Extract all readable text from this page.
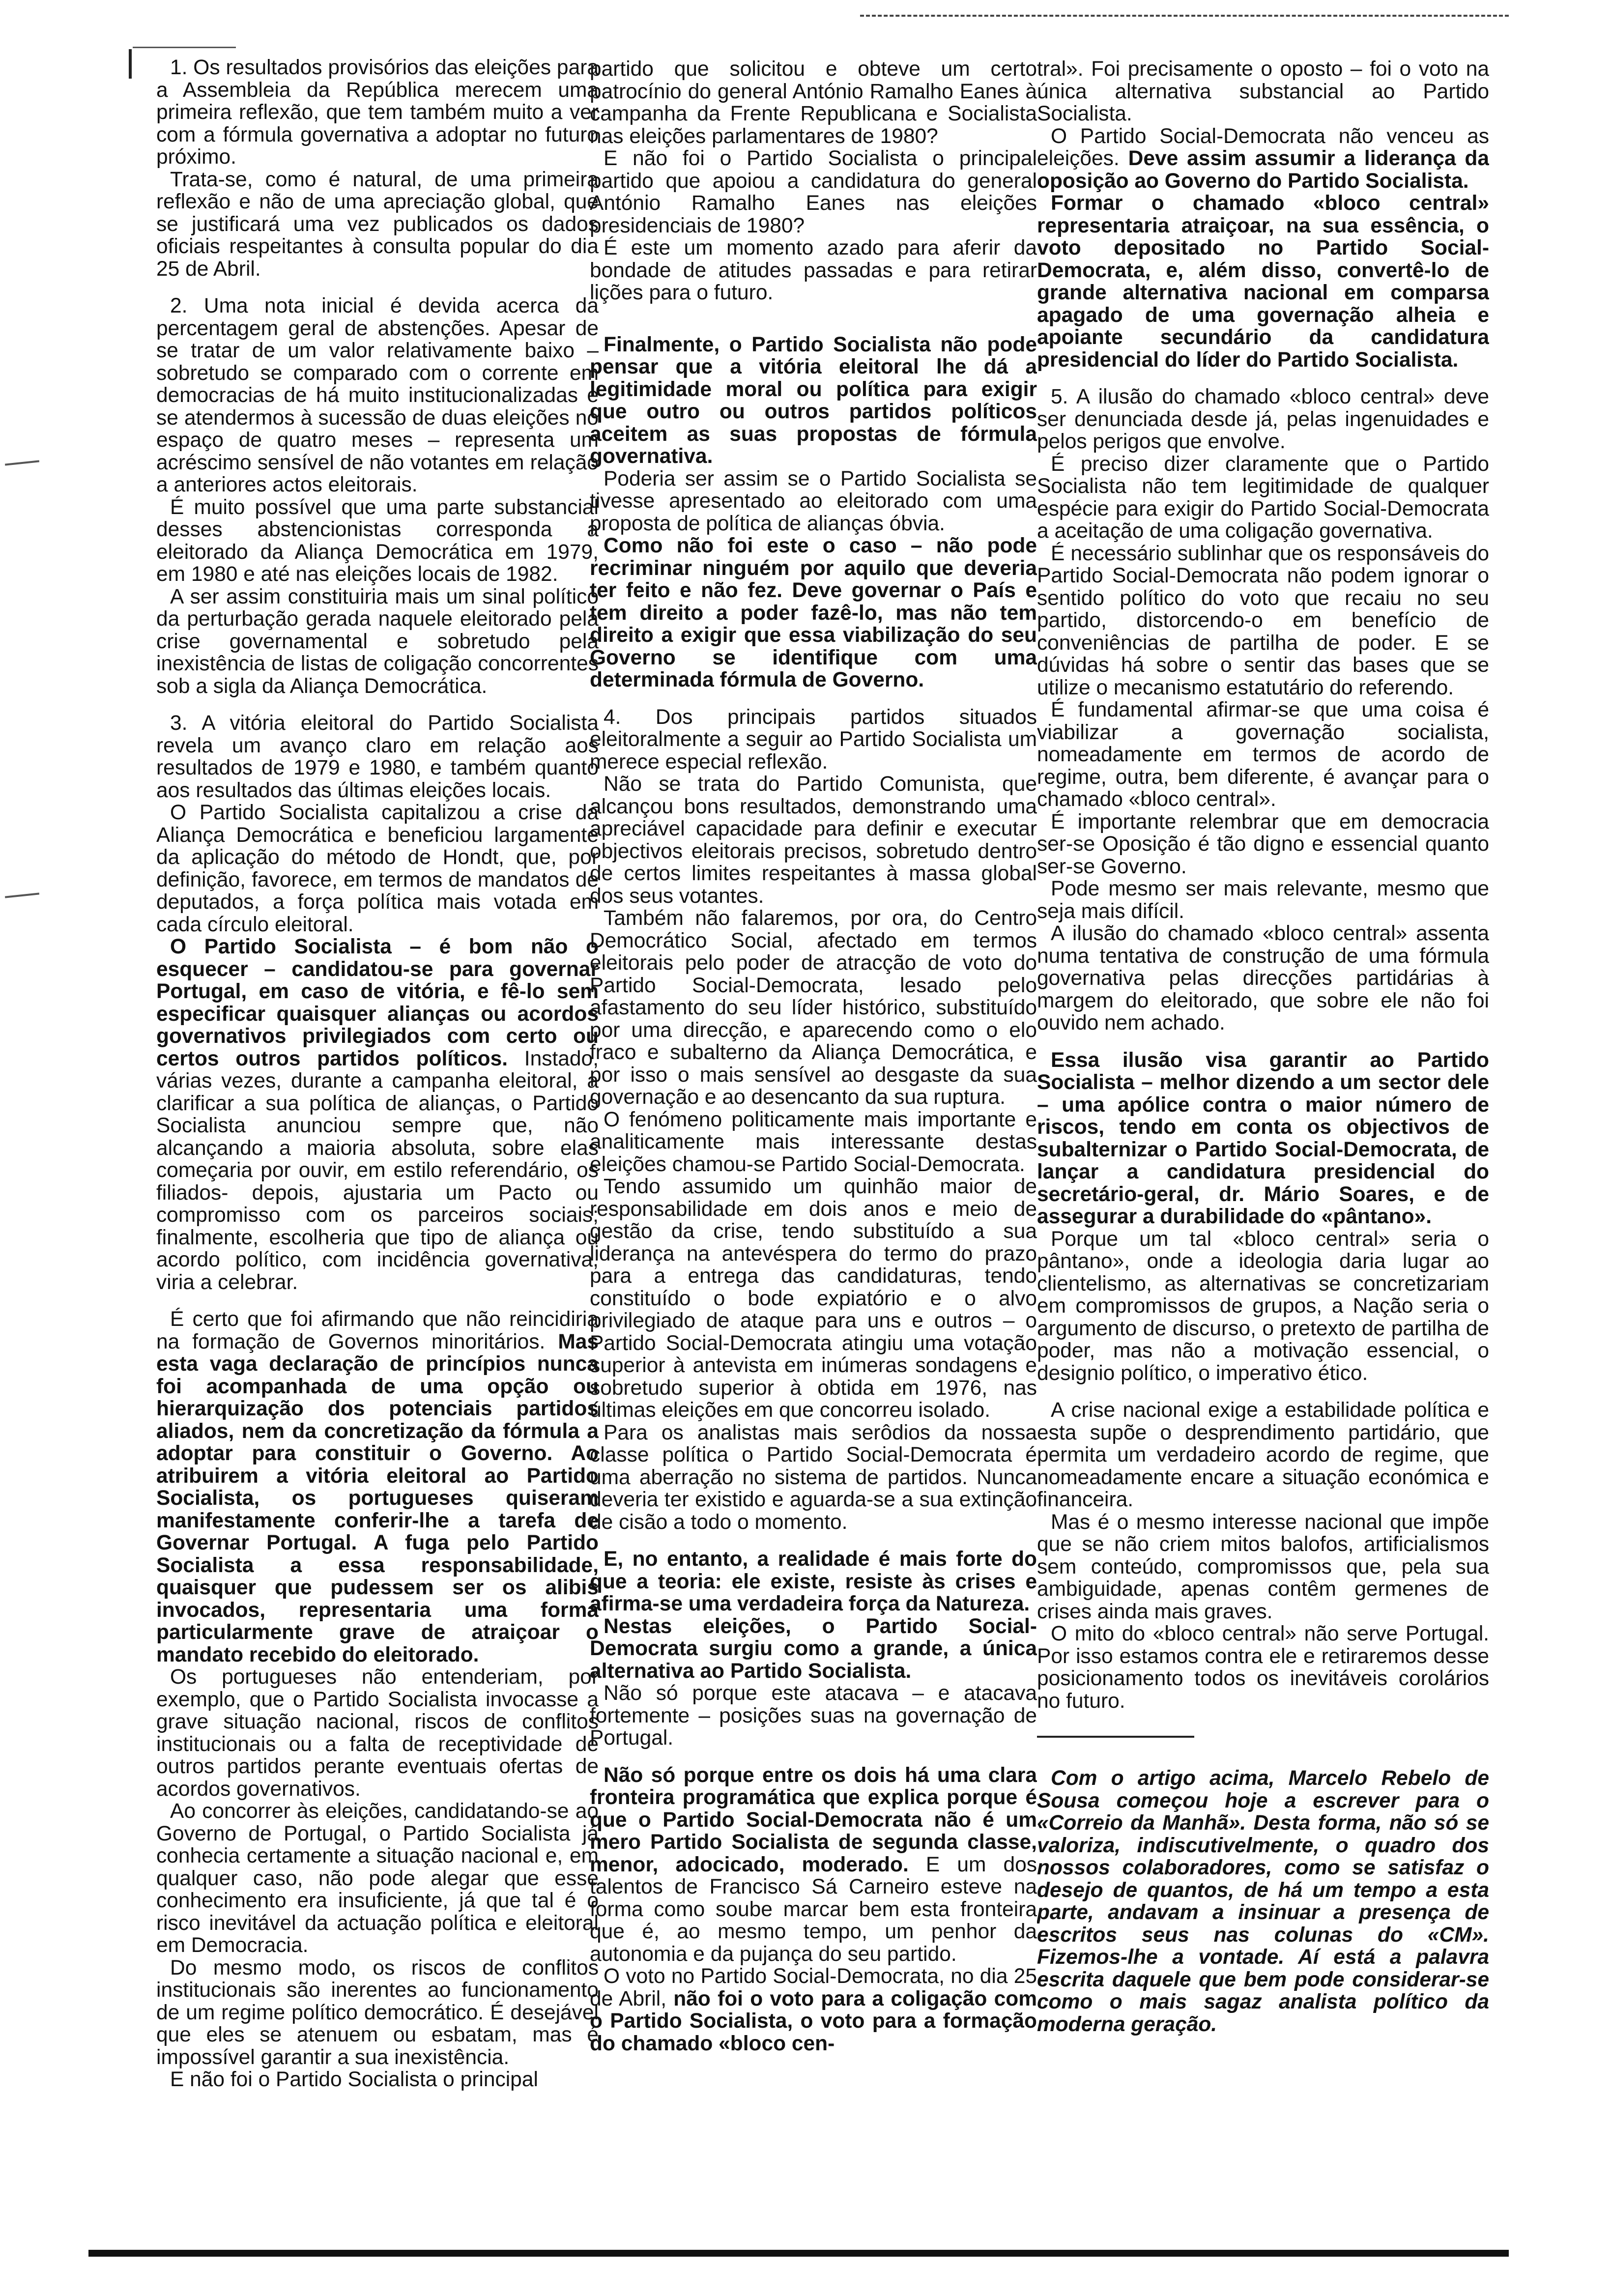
1. Os resultados provisórios das eleições para a Assembleia da República merecem uma primeira reflexão, que tem também muito a ver com a fórmula governativa a adoptar no futuro próximo.

Trata-se, como é natural, de uma primeira reflexão e não de uma apreciação global, que se justificará uma vez publicados os dados oficiais respeitantes à consulta popular do dia 25 de Abril.

2. Uma nota inicial é devida acerca da percentagem geral de abstenções. Apesar de se tratar de um valor relativamente baixo – sobretudo se comparado com o corrente em democracias de há muito institucionalizadas e se atendermos à sucessão de duas eleições no espaço de quatro meses – representa um acréscimo sensível de não votantes em relação a anteriores actos eleitorais.

É muito possível que uma parte substancial desses abstencionistas corresponda a eleitorado da Aliança Democrática em 1979, em 1980 e até nas eleições locais de 1982.

A ser assim constituiria mais um sinal político da perturbação gerada naquele eleitorado pela crise governamental e sobretudo pela inexistência de listas de coligação concorrentes sob a sigla da Aliança Democrática.

3. A vitória eleitoral do Partido Socialista revela um avanço claro em relação aos resultados de 1979 e 1980, e também quanto aos resultados das últimas eleições locais.

O Partido Socialista capitalizou a crise da Aliança Democrática e beneficiou largamente da aplicação do método de Hondt, que, por definição, favorece, em termos de mandatos de deputados, a força política mais votada em cada círculo eleitoral.

O Partido Socialista – é bom não o esquecer – candidatou-se para governar Portugal, em caso de vitória, e fê-lo sem especificar quaisquer alianças ou acordos governativos privilegiados com certo ou certos outros partidos políticos. Instado, várias vezes, durante a campanha eleitoral, a clarificar a sua política de alianças, o Partido Socialista anunciou sempre que, não alcançando a maioria absoluta, sobre elas começaria por ouvir, em estilo referendário, os filiados- depois, ajustaria um Pacto ou compromisso com os parceiros sociais; finalmente, escolheria que tipo de aliança ou acordo político, com incidência governativa, viria a celebrar.

É certo que foi afirmando que não reincidiria na formação de Governos minoritários. Mas esta vaga declaração de princípios nunca foi acompanhada de uma opção ou hierarquização dos potenciais partidos aliados, nem da concretização da fórmula a adoptar para constituir o Governo. Ao atribuirem a vitória eleitoral ao Partido Socialista, os portugueses quiseram manifestamente conferir-lhe a tarefa de Governar Portugal. A fuga pelo Partido Socialista a essa responsabilidade, quaisquer que pudessem ser os alibis invocados, representaria uma forma particularmente grave de atraiçoar o mandato recebido do eleitorado.

Os portugueses não entenderiam, por exemplo, que o Partido Socialista invocasse a grave situação nacional, riscos de conflitos institucionais ou a falta de receptividade de outros partidos perante eventuais ofertas de acordos governativos.

Ao concorrer às eleições, candidatando-se ao Governo de Portugal, o Partido Socialista já conhecia certamente a situação nacional e, em qualquer caso, não pode alegar que esse conhecimento era insuficiente, já que tal é o risco inevitável da actuação política e eleitoral em Democracia.

Do mesmo modo, os riscos de conflitos institucionais são inerentes ao funcionamento de um regime político democrático. É desejável que eles se atenuem ou esbatam, mas é impossível garantir a sua inexistência.

E não foi o Partido Socialista o principal

partido que solicitou e obteve um certo patrocínio do general António Ramalho Eanes à campanha da Frente Republicana e Socialista nas eleições parlamentares de 1980?

E não foi o Partido Socialista o principal partido que apoiou a candidatura do general António Ramalho Eanes nas eleições presidenciais de 1980?

É este um momento azado para aferir da bondade de atitudes passadas e para retirar lições para o futuro.

Finalmente, o Partido Socialista não pode pensar que a vitória eleitoral lhe dá a legitimidade moral ou política para exigir que outro ou outros partidos políticos aceitem as suas propostas de fórmula governativa.

Poderia ser assim se o Partido Socialista se tivesse apresentado ao eleitorado com uma proposta de política de alianças óbvia.

Como não foi este o caso – não pode recriminar ninguém por aquilo que deveria ter feito e não fez. Deve governar o País e tem direito a poder fazê-lo, mas não tem direito a exigir que essa viabilização do seu Governo se identifique com uma determinada fórmula de Governo.

4. Dos principais partidos situados eleitoralmente a seguir ao Partido Socialista um merece especial reflexão.

Não se trata do Partido Comunista, que alcançou bons resultados, demonstrando uma apreciável capacidade para definir e executar objectivos eleitorais precisos, sobretudo dentro de certos limites respeitantes à massa global dos seus votantes.

Também não falaremos, por ora, do Centro Democrático Social, afectado em termos eleitorais pelo poder de atracção de voto do Partido Social-Democrata, lesado pelo afastamento do seu líder histórico, substituído por uma direcção, e aparecendo como o elo fraco e subalterno da Aliança Democrática, e por isso o mais sensível ao desgaste da sua governação e ao desencanto da sua ruptura.

O fenómeno politicamente mais importante e analiticamente mais interessante destas eleições chamou-se Partido Social-Democrata.

Tendo assumido um quinhão maior de responsabilidade em dois anos e meio de gestão da crise, tendo substituído a sua liderança na antevéspera do termo do prazo para a entrega das candidaturas, tendo constituído o bode expiatório e o alvo privilegiado de ataque para uns e outros – o Partido Social-Democrata atingiu uma votação superior à antevista em inúmeras sondagens e sobretudo superior à obtida em 1976, nas últimas eleições em que concorreu isolado.

Para os analistas mais serôdios da nossa classe política o Partido Social-Democrata é uma aberração no sistema de partidos. Nunca deveria ter existido e aguarda-se a sua extinção de cisão a todo o momento.

E, no entanto, a realidade é mais forte do que a teoria: ele existe, resiste às crises e afirma-se uma verdadeira força da Natureza.

Nestas eleições, o Partido Social-Democrata surgiu como a grande, a única alternativa ao Partido Socialista.

Não só porque este atacava – e atacava fortemente – posições suas na governação de Portugal.

Não só porque entre os dois há uma clara fronteira programática que explica porque é que o Partido Social-Democrata não é um mero Partido Socialista de segunda classe, menor, adocicado, moderado. E um dos talentos de Francisco Sá Carneiro esteve na forma como soube marcar bem esta fronteira que é, ao mesmo tempo, um penhor da autonomia e da pujança do seu partido.

O voto no Partido Social-Democrata, no dia 25 de Abril, não foi o voto para a coligação com o Partido Socialista, o voto para a formação do chamado «bloco cen-

tral». Foi precisamente o oposto – foi o voto na única alternativa substancial ao Partido Socialista.

O Partido Social-Democrata não venceu as eleições. Deve assim assumir a liderança da oposição ao Governo do Partido Socialista.

Formar o chamado «bloco central» representaria atraiçoar, na sua essência, o voto depositado no Partido Social-Democrata, e, além disso, convertê-lo de grande alternativa nacional em comparsa apagado de uma governação alheia e apoiante secundário da candidatura presidencial do líder do Partido Socialista.

5. A ilusão do chamado «bloco central» deve ser denunciada desde já, pelas ingenuidades e pelos perigos que envolve.

É preciso dizer claramente que o Partido Socialista não tem legitimidade de qualquer espécie para exigir do Partido Social-Democrata a aceitação de uma coligação governativa.

É necessário sublinhar que os responsáveis do Partido Social-Democrata não podem ignorar o sentido político do voto que recaiu no seu partido, distorcendo-o em benefício de conveniências de partilha de poder. E se dúvidas há sobre o sentir das bases que se utilize o mecanismo estatutário do referendo.

É fundamental afirmar-se que uma coisa é viabilizar a governação socialista, nomeadamente em termos de acordo de regime, outra, bem diferente, é avançar para o chamado «bloco central».

É importante relembrar que em democracia ser-se Oposição é tão digno e essencial quanto ser-se Governo.

Pode mesmo ser mais relevante, mesmo que seja mais difícil.

A ilusão do chamado «bloco central» assenta numa tentativa de construção de uma fórmula governativa pelas direcções partidárias à margem do eleitorado, que sobre ele não foi ouvido nem achado.

Essa ilusão visa garantir ao Partido Socialista – melhor dizendo a um sector dele – uma apólice contra o maior número de riscos, tendo em conta os objectivos de subalternizar o Partido Social-Democrata, de lançar a candidatura presidencial do secretário-geral, dr. Mário Soares, e de assegurar a durabilidade do «pântano».

Porque um tal «bloco central» seria o pântano», onde a ideologia daria lugar ao clientelismo, as alternativas se concretizariam em compromissos de grupos, a Nação seria o argumento de discurso, o pretexto de partilha de poder, mas não a motivação essencial, o designio político, o imperativo ético.

A crise nacional exige a estabilidade política e esta supõe o desprendimento partidário, que permita um verdadeiro acordo de regime, que nomeadamente encare a situação económica e financeira.

Mas é o mesmo interesse nacional que impõe que se não criem mitos balofos, artificialismos sem conteúdo, compromissos que, pela sua ambiguidade, apenas contêm germenes de crises ainda mais graves.

O mito do «bloco central» não serve Portugal. Por isso estamos contra ele e retiraremos desse posicionamento todos os inevitáveis corolários no futuro.

Com o artigo acima, Marcelo Rebelo de Sousa começou hoje a escrever para o «Correio da Manhã». Desta forma, não só se valoriza, indiscutivelmente, o quadro dos nossos colaboradores, como se satisfaz o desejo de quantos, de há um tempo a esta parte, andavam a insinuar a presença de escritos seus nas colunas do «CM». Fizemos-lhe a vontade. Aí está a palavra escrita daquele que bem pode considerar-se como o mais sagaz analista político da moderna geração.
